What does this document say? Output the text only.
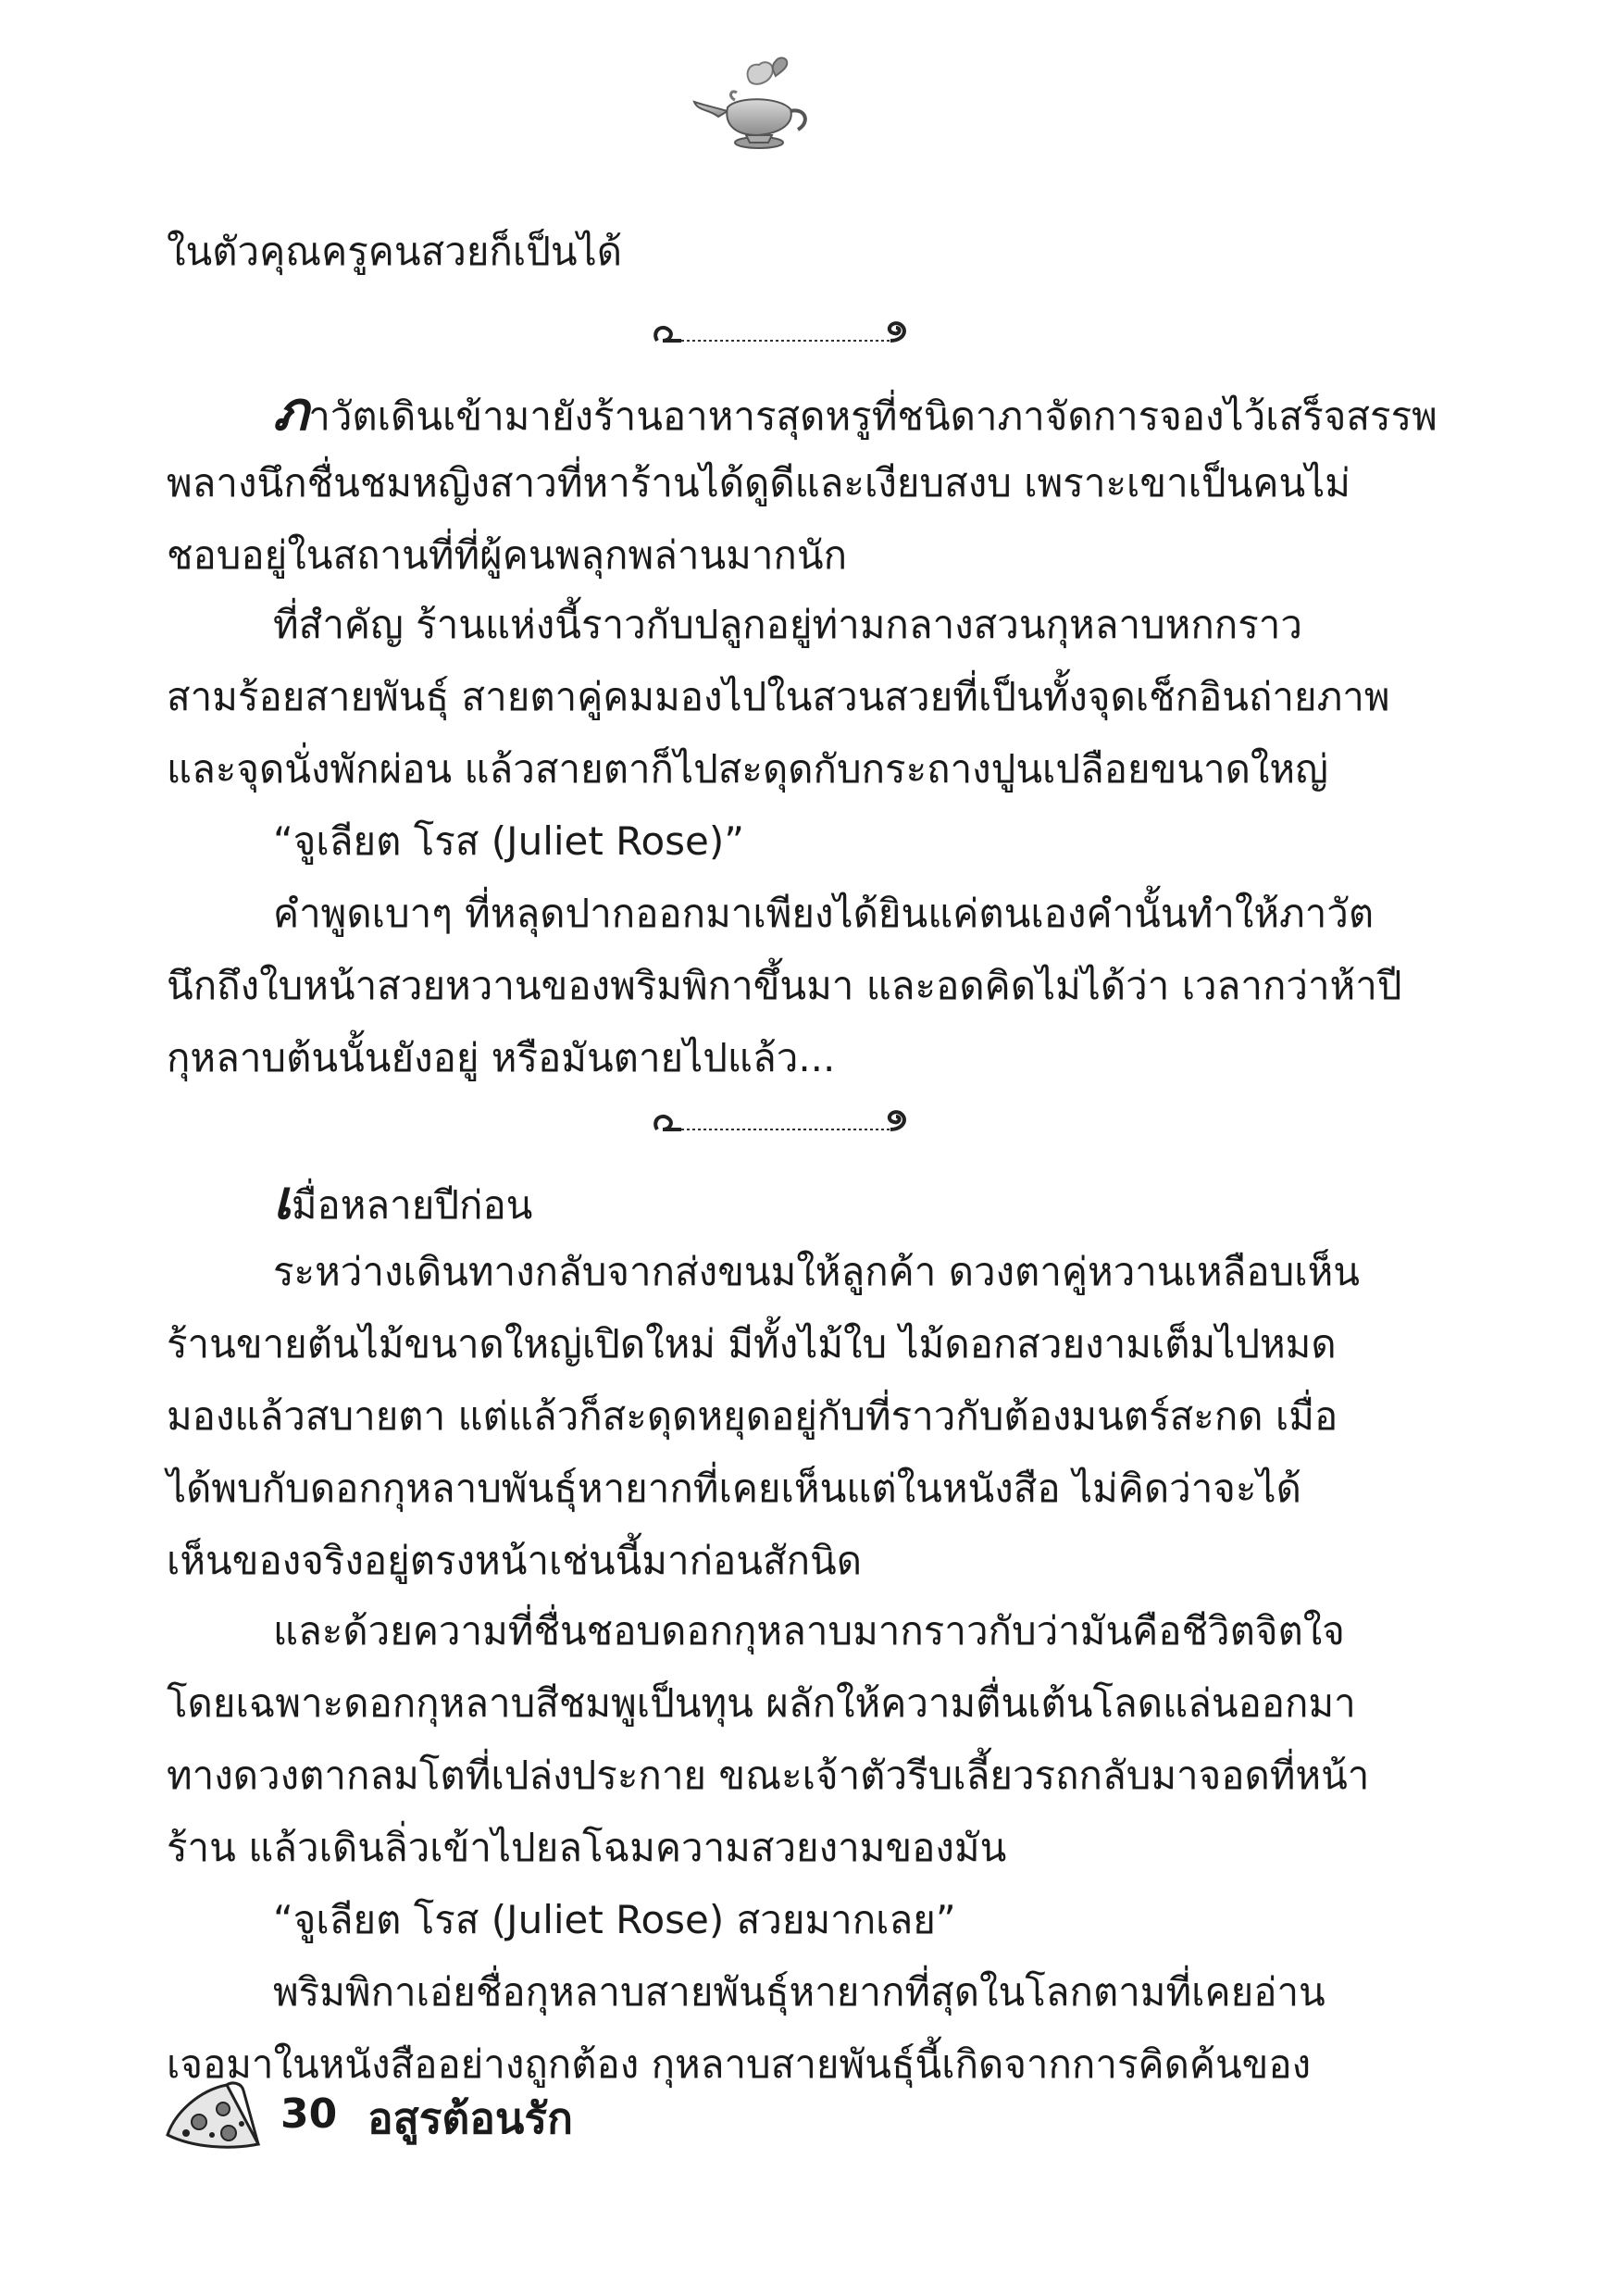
ในตัวคุณครูคนสวยก็เป็นได้
ภาวัตเดินเข้ามายังร้านอาหารสุดหรูที่ชนิดาภาจัดการจองไว้เสร็จสรรพ
พลางนึกชื่นชมหญิงสาวที่หาร้านได้ดูดีและเงียบสงบ เพราะเขาเป็นคนไม่
ชอบอยู่ในสถานที่ที่ผู้คนพลุกพล่านมากนัก
ที่สำคัญ ร้านแห่งนี้ราวกับปลูกอยู่ท่ามกลางสวนกุหลาบหกกราว
สามร้อยสายพันธุ์ สายตาคู่คมมองไปในสวนสวยที่เป็นทั้งจุดเช็กอินถ่ายภาพ
และจุดนั่งพักผ่อน แล้วสายตาก็ไปสะดุดกับกระถางปูนเปลือยขนาดใหญ่
“จูเลียต โรส (Juliet Rose)”
คำพูดเบาๆ ที่หลุดปากออกมาเพียงได้ยินแค่ตนเองคำนั้นทำให้ภาวัต
นึกถึงใบหน้าสวยหวานของพริมพิกาขึ้นมา และอดคิดไม่ได้ว่า เวลากว่าห้าปี
กุหลาบต้นนั้นยังอยู่ หรือมันตายไปแล้ว...
เมื่อหลายปีก่อน
ระหว่างเดินทางกลับจากส่งขนมให้ลูกค้า ดวงตาคู่หวานเหลือบเห็น
ร้านขายต้นไม้ขนาดใหญ่เปิดใหม่ มีทั้งไม้ใบ ไม้ดอกสวยงามเต็มไปหมด
มองแล้วสบายตา แต่แล้วก็สะดุดหยุดอยู่กับที่ราวกับต้องมนตร์สะกด เมื่อ
ได้พบกับดอกกุหลาบพันธุ์หายากที่เคยเห็นแต่ในหนังสือ ไม่คิดว่าจะได้
เห็นของจริงอยู่ตรงหน้าเช่นนี้มาก่อนสักนิด
และด้วยความที่ชื่นชอบดอกกุหลาบมากราวกับว่ามันคือชีวิตจิตใจ
โดยเฉพาะดอกกุหลาบสีชมพูเป็นทุน ผลักให้ความตื่นเต้นโลดแล่นออกมา
ทางดวงตากลมโตที่เปล่งประกาย ขณะเจ้าตัวรีบเลี้ยวรถกลับมาจอดที่หน้า
ร้าน แล้วเดินลิ่วเข้าไปยลโฉมความสวยงามของมัน
“จูเลียต โรส (Juliet Rose) สวยมากเลย”
พริมพิกาเอ่ยชื่อกุหลาบสายพันธุ์หายากที่สุดในโลกตามที่เคยอ่าน
เจอมาในหนังสืออย่างถูกต้อง กุหลาบสายพันธุ์นี้เกิดจากการคิดค้นของ
30 อสูรต้อนรัก
